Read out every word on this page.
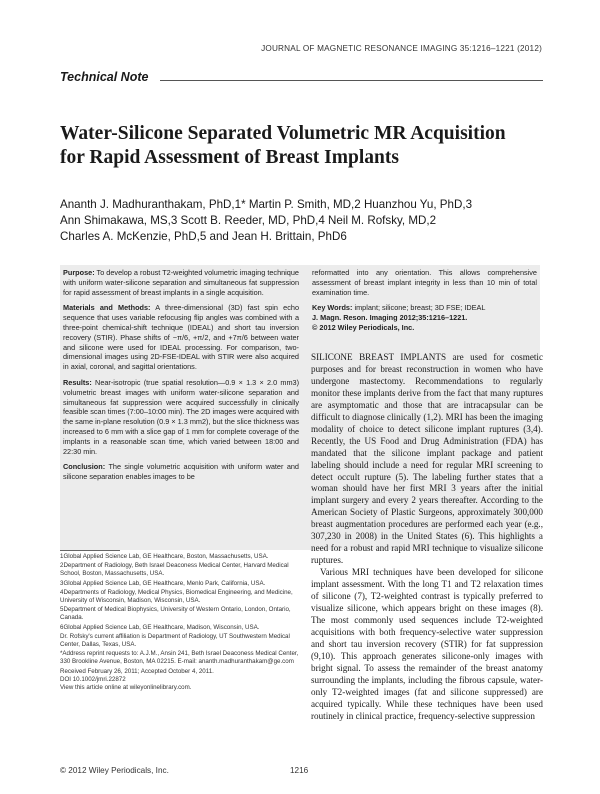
JOURNAL OF MAGNETIC RESONANCE IMAGING 35:1216–1221 (2012)
Technical Note
Water-Silicone Separated Volumetric MR Acquisition for Rapid Assessment of Breast Implants
Ananth J. Madhuranthakam, PhD,1* Martin P. Smith, MD,2 Huanzhou Yu, PhD,3
Ann Shimakawa, MS,3 Scott B. Reeder, MD, PhD,4 Neil M. Rofsky, MD,2
Charles A. McKenzie, PhD,5 and Jean H. Brittain, PhD6

Purpose: To develop a robust T2-weighted volumetric imaging technique with uniform water-silicone separation and simultaneous fat suppression for rapid assessment of breast implants in a single acquisition.

Materials and Methods: A three-dimensional (3D) fast spin echo sequence that uses variable refocusing flip angles was combined with a three-point chemical-shift technique (IDEAL) and short tau inversion recovery (STIR). Phase shifts of −π/6, +π/2, and +7π/6 between water and silicone were used for IDEAL processing. For comparison, two-dimensional images using 2D-FSE-IDEAL with STIR were also acquired in axial, coronal, and sagittal orientations.

Results: Near-isotropic (true spatial resolution—0.9 × 1.3 × 2.0 mm3) volumetric breast images with uniform water-silicone separation and simultaneous fat suppression were acquired successfully in clinically feasible scan times (7:00–10:00 min). The 2D images were acquired with the same in-plane resolution (0.9 × 1.3 mm2), but the slice thickness was increased to 6 mm with a slice gap of 1 mm for complete coverage of the implants in a reasonable scan time, which varied between 18:00 and 22:30 min.

Conclusion: The single volumetric acquisition with uniform water and silicone separation enables images to be

reformatted into any orientation. This allows comprehensive assessment of breast implant integrity in less than 10 min of total examination time.

Key Words: implant; silicone; breast; 3D FSE; IDEAL
J. Magn. Reson. Imaging 2012;35:1216–1221.
© 2012 Wiley Periodicals, Inc.

SILICONE BREAST IMPLANTS are used for cosmetic purposes and for breast reconstruction in women who have undergone mastectomy. Recommendations to regularly monitor these implants derive from the fact that many ruptures are asymptomatic and those that are intracapsular can be difficult to diagnose clinically (1,2). MRI has been the imaging modality of choice to detect silicone implant ruptures (3,4). Recently, the US Food and Drug Administration (FDA) has mandated that the silicone implant package and patient labeling should include a need for regular MRI screening to detect occult rupture (5). The labeling further states that a woman should have her first MRI 3 years after the initial implant surgery and every 2 years thereafter. According to the American Society of Plastic Surgeons, approximately 300,000 breast augmentation procedures are performed each year (e.g., 307,230 in 2008) in the United States (6). This highlights a need for a robust and rapid MRI technique to visualize silicone ruptures.

Various MRI techniques have been developed for silicone implant assessment. With the long T1 and T2 relaxation times of silicone (7), T2-weighted contrast is typically preferred to visualize silicone, which appears bright on these images (8). The most commonly used sequences include T2-weighted acquisitions with both frequency-selective water suppression and short tau inversion recovery (STIR) for fat suppression (9,10). This approach generates silicone-only images with bright signal. To assess the remainder of the breast anatomy surrounding the implants, including the fibrous capsule, water-only T2-weighted images (fat and silicone suppressed) are acquired typically. While these techniques have been used routinely in clinical practice, frequency-selective suppression

1Global Applied Science Lab, GE Healthcare, Boston, Massachusetts, USA.

2Department of Radiology, Beth Israel Deaconess Medical Center, Harvard Medical School, Boston, Massachusetts, USA.

3Global Applied Science Lab, GE Healthcare, Menlo Park, California, USA.

4Departments of Radiology, Medical Physics, Biomedical Engineering, and Medicine, University of Wisconsin, Madison, Wisconsin, USA.

5Department of Medical Biophysics, University of Western Ontario, London, Ontario, Canada.

6Global Applied Science Lab, GE Healthcare, Madison, Wisconsin, USA.

Dr. Rofsky's current affiliation is Department of Radiology, UT Southwestern Medical Center, Dallas, Texas, USA.

*Address reprint requests to: A.J.M., Ansin 241, Beth Israel Deaconess Medical Center, 330 Brookline Avenue, Boston, MA 02215. E-mail: ananth.madhuranthakam@ge.com

Received February 26, 2011; Accepted October 4, 2011.

DOI 10.1002/jmri.22872

View this article online at wileyonlinelibrary.com.

© 2012 Wiley Periodicals, Inc.	1216
